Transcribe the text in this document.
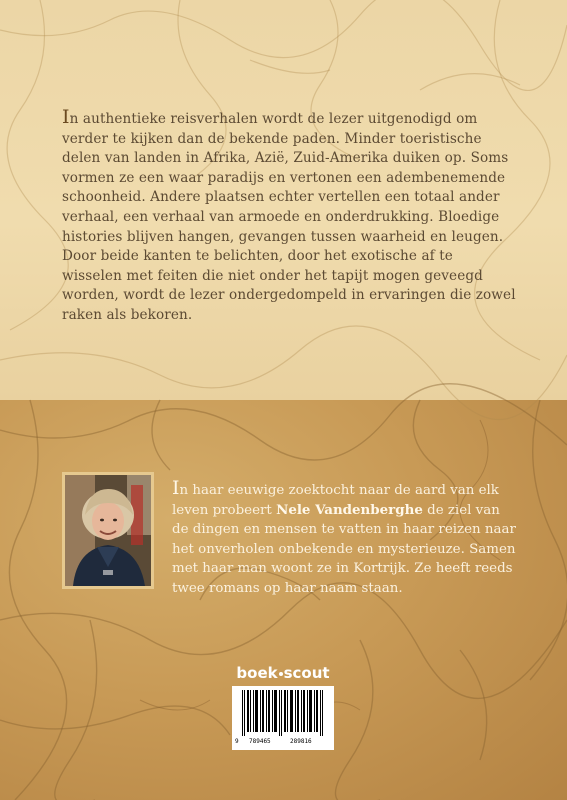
In authentieke reisverhalen wordt de lezer uitgenodigd om verder te kijken dan de bekende paden. Minder toeristische delen van landen in Afrika, Azië, Zuid-Amerika duiken op. Soms vormen ze een waar paradijs en vertonen een adembenemende schoonheid. Andere plaatsen echter vertellen een totaal ander verhaal, een verhaal van armoede en onderdrukking. Bloedige histories blijven hangen, gevangen tussen waarheid en leugen. Door beide kanten te belichten, door het exotische af te wisselen met feiten die niet onder het tapijt mogen geveegd worden, wordt de lezer ondergedompeld in ervaringen die zowel raken als bekoren.
In haar eeuwige zoektocht naar de aard van elk leven probeert Nele Vandenberghe de ziel van de dingen en mensen te vatten in haar reizen naar het onverholen onbekende en mysterieuze. Samen met haar man woont ze in Kortrijk. Ze heeft reeds twee romans op haar naam staan.
boek scout
9 789465	289816
